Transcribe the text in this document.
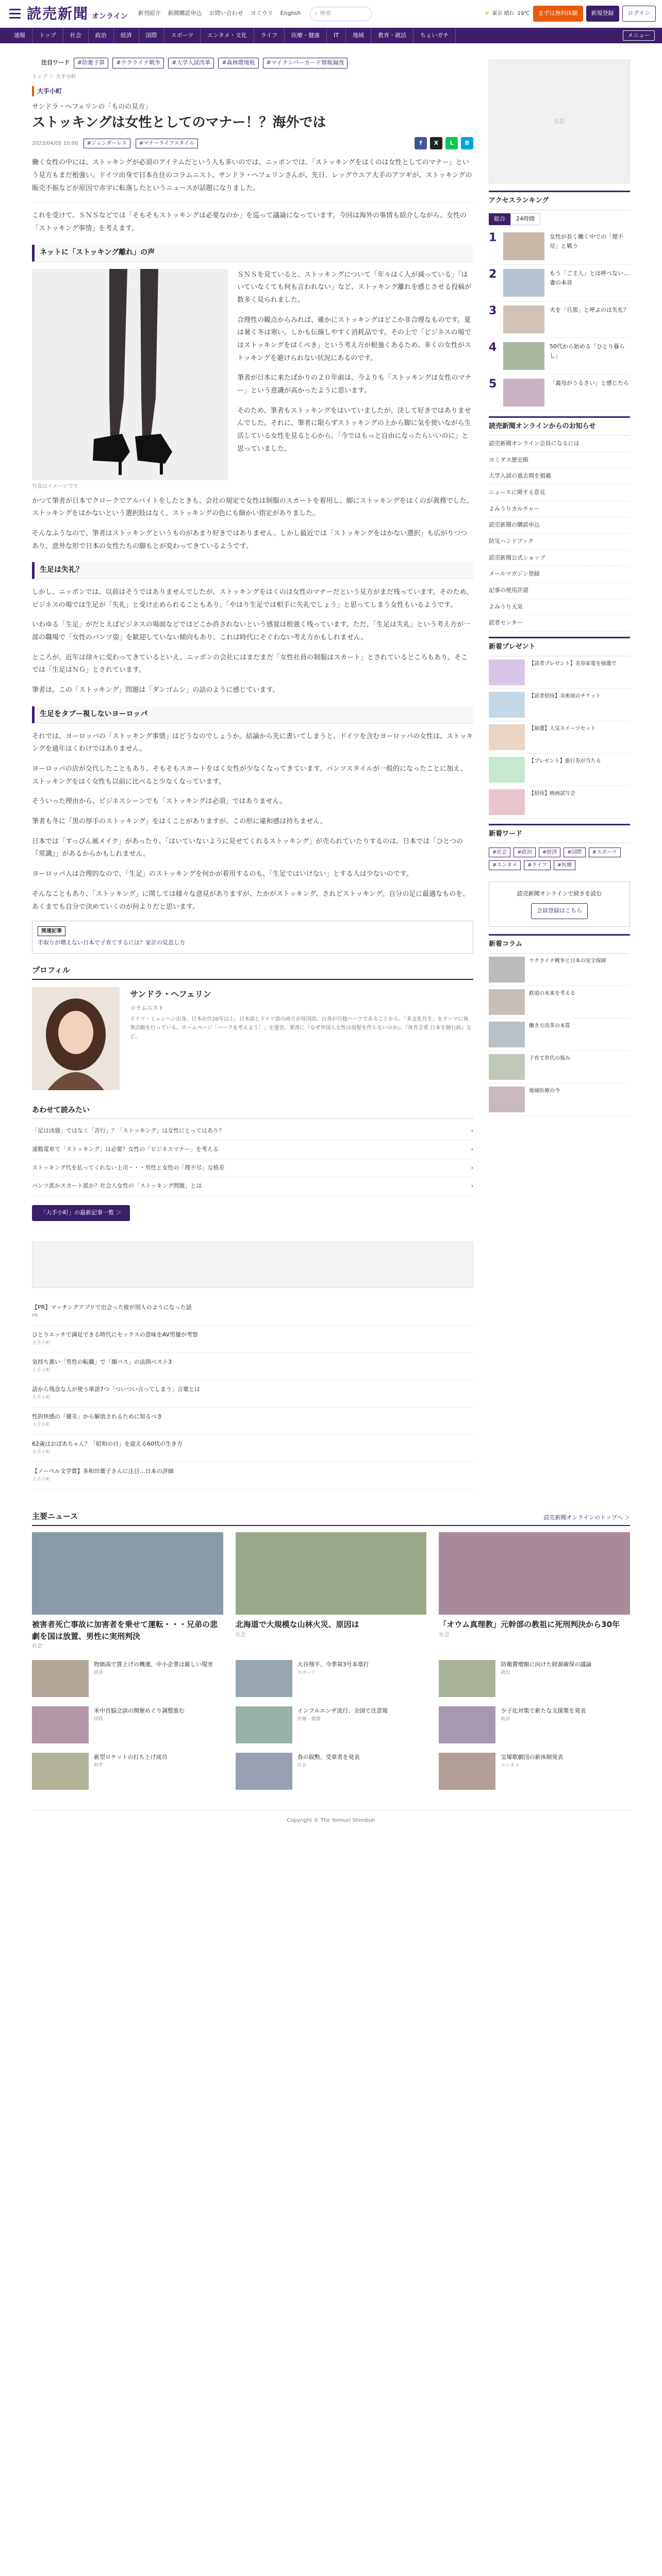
読売新聞 オンライン 新刊紹介 新聞購読申込 お問い合わせ ヨミウリ English ⌕ 検索	☀ 東京 晴れ 19℃	まずは無料体験	新規登録	ログイン
速報	トップ	社会	政治	経済	国際	スポーツ	エンタメ・文化	ライフ	医療・健康	IT	地域	教育・就活	ちょいガチ	メニュー
注目ワード	#防衛予算	#ウクライナ戦争	#大学入試改革	#森林環境税	#マイナンバーカード情報漏洩
トップ ＞ 大手小町
大手小町
サンドラ・ヘフェリンの「ものの見方」
ストッキングは女性としてのマナー！？海外では
2023/04/05 10:00	#ジェンダーレス	#マナーライフスタイル	f	X	L	B

働く女性の中には、ストッキングが必須のアイテムだという人も多いのでは。ニッポンでは、「ストッキングをはくのは女性としてのマナー」という見方もまだ根強い。ドイツ出身で日本在住のコラムニスト、サンドラ・ヘフェリンさんが、先日、レッグウエア大手のアツギが、ストッキングの販売不振などが原因で赤字に転落したというニュースが話題になりました。

これを受けて、ＳＮＳなどでは「そもそもストッキングは必要なのか」を巡って議論になっています。今回は海外の事情も紹介しながら、女性の「ストッキング事情」を考えます。

ネットに「ストッキング離れ」の声
写真はイメージです

ＳＮＳを見ていると、ストッキングについて「年々はく人が減っている」「はいていなくても何も言われない」など、ストッキング離れを感じさせる投稿が数多く見られました。

合理性の観点からみれば、確かにストッキングはどこか非合理なものです。夏は暑く冬は寒い。しかも伝線しやすく消耗品です。その上で「ビジネスの場ではストッキングをはくべき」という考え方が根強くあるため、多くの女性がストッキングを避けられない状況にあるのです。

筆者が日本に来たばかりの２０年前は、今よりも「ストッキングは女性のマナー」という意識が高かったように思います。

そのため、筆者もストッキングをはいていましたが、決して好きではありませんでした。それに、筆者に限らずストッキングの上から脚に気を使いながら生活している女性を見ると心から、「今ではもっと自由になったらいいのに」と思っていました。

かつて筆者が日本でクロークでアルバイトをしたときも、会社の規定で女性は制服のスカートを着用し、脚にストッキングをはくのが義務でした。ストッキングをはかないという選択肢はなく、ストッキングの色にも細かい指定がありました。

そんなふうなので、筆者はストッキングというものがあまり好きではありません。しかし最近では「ストッキングをはかない選択」も広がりつつあり、意外な形で日本の女性たちの脚もとが変わってきているようです。

生足は失礼？

しかし、ニッポンでは、以前はそうではありませんでしたが、ストッキングをはくのは女性のマナーだという見方がまだ残っています。そのため、ビジネスの場では生足が「失礼」と受け止められることもあり、「やはり生足では相手に失礼でしょう」と思ってしまう女性もいるようです。

いわゆる「生足」がだとえばビジネスの場面などではどこか許されないという感覚は根強く残っています。ただ、「生足は失礼」という考え方が一部の職場で「女性のパンツ姿」を歓迎していない傾向もあり、これは時代にそぐわない考え方かもしれません。

ところが、近年は徐々に変わってきているといえ、ニッポンの会社にはまだまだ「女性社員の制服はスカート」とされているところもあり、そこでは「生足はＮＧ」とされています。

筆者は、この「ストッキング」問題は「ダンゴムシ」の話のように感じています。

生足をタブー視しないヨーロッパ

それでは、ヨーロッパの「ストッキング事情」はどうなのでしょうか。結論から先に書いてしまうと、ドイツを含むヨーロッパの女性は、ストッキングを通年はくわけではありません。

ヨーロッパの店が交代したこともあり、そもそもスカートをはく女性が少なくなってきています。パンツスタイルが一般的になったことに加え、ストッキングをはく女性も以前に比べると少なくなっています。

そういった理由から、ビジネスシーンでも「ストッキングは必須」ではありません。

筆者も冬に「黒の厚手のストッキング」をはくことがありますが、この形に違和感は持ちません。

日本では「すっぴん風メイク」があったり、「はいていないように見せてくれるストッキング」が売られていたりするのは、日本では「ひとつの『常識』」があるからかもしれません。

ヨーロッパ人は合理的なので、「生足」のストッキングを何かが着用するのも、「生足ではいけない」とする人は少ないのです。

そんなこともあり、「ストッキング」に関しては様々な意見がありますが、たかがストッキング、されどストッキング。自分の足に最適なものを、あくまでも自分で決めていくのが何よりだと思います。

関連記事
手取りが増えない日本で子育てするには？家計の見直し方
プロフィル
サンドラ・ヘフェリン
コラムニスト
ドイツ・ミュンヘン出身。日本在住20年以上。日本語とドイツ語の両方が母国語。自身が日独ハーフであることから、「多文化共生」をテーマに執筆活動を行っている。ホームページ「ハーフを考えよう！」を運営。著書に『なぜ外国人女性は前髪を作らないのか』、『体育会系 日本を蝕む病』など。
あわせて読みたい
「足は凶器」ではなく「苦行」？「ストッキング」は女性にとってはあり？	›
通勤電車で「ストッキング」は必要？女性の「ビジネスマナー」を考える	›
ストッキング代を払ってくれない上司・・・男性と女性の「理不尽」な格差	›
パンツ派かスカート派か？社会人女性の「ストッキング問題」とは	›
「大手小町」の最新記事一覧 ＞
【PR】マッチングアプリで出会った彼が別人のようになった話
PR
ひとりエッチで満足できる時代にセックスの意味をAV男優が考察
大手小町
気持ち悪い「男性の転職」で「顔パス」の法則ベスト3
大手小町
話から残念な人が使う単語7つ「ついつい言ってしまう」言葉とは
大手小町
性的快感の「優劣」から解放されるために知るべき
大手小町
62歳はおばあちゃん？「昭和の日」を迎える60代の生き方
大手小町
【ノーベル文学賞】多和田葉子さんに注目…日本の評価
大手小町
広告
アクセスランキング
総合	24時間
1	女性が長く働く中での「理不尽」と戦う
2	もう「ご主人」とは呼べない…妻の本音
3	夫を「旦那」と呼ぶのは失礼？
4	50代から始める「ひとり暮らし」
5	「義母がうるさい」と感じたら
読売新聞オンラインからのお知らせ
読売新聞オンライン会員になるには
ヨミダス歴史館
大学入試の過去問を掲載
ニュースに関する意見
よみうりカルチャー
読売新聞の購読申込
防災ハンドブック
読売新聞公式ショップ
メールマガジン登録
記事の使用許諾
よみうり天気
読者センター
新着プレゼント
【読者プレゼント】美容家電を抽選で
【読者招待】美術展のチケット
【抽選】人気スイーツセット
【プレゼント】旅行券が当たる
【招待】映画試写会
新着ワード
#社会	#政治	#経済	#国際	#スポーツ
#エンタメ	#ライフ	#医療
読売新聞オンラインで続きを読む
会員登録はこちら
新着コラム
ウクライナ戦争と日本の安全保障
鉄道の未来を考える
働き方改革の本質
子育て世代の悩み
地域医療の今
主要ニュース	読売新聞オンラインのトップへ ＞
被害者死亡事故に加害者を乗せて運転・・・兄弟の悲劇を国は放置、男性に実刑判決
社会
北海道で大規模な山林火災、原因は
社会
「オウム真理教」元幹部の教祖に死刑判決から30年
社会
物価高で賃上げの機運、中小企業は厳しい現実
経済
大谷翔平、今季第3号本塁打
スポーツ
防衛費増額に向けた財源確保の議論
政治
米中首脳会談の開催めぐり調整進む
国際
インフルエンザ流行、全国で注意報
医療・健康
少子化対策で新たな支援策を発表
政治
新型ロケットの打ち上げ成功
科学
春の叙勲、受章者を発表
社会
宝塚歌劇団の新体制発表
エンタメ
Copyright © The Yomiuri Shimbun
